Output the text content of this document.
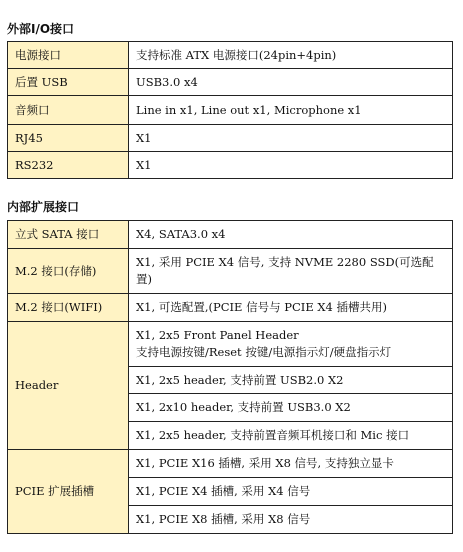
外部I/O接口
电源接口	支持标准 ATX 电源接口(24pin+4pin)
后置 USB	USB3.0 x4
音频口	Line in x1, Line out x1, Microphone x1
RJ45	X1
RS232	X1
内部扩展接口
立式 SATA 接口	X4, SATA3.0 x4
M.2 接口(存储)	X1, 采用 PCIE X4 信号, 支持 NVME 2280 SSD(可选配置)
M.2 接口(WIFI)	X1, 可选配置,(PCIE 信号与 PCIE X4 插槽共用)
Header	X1, 2x5 Front Panel Header
支持电源按键/Reset 按键/电源指示灯/硬盘指示灯

	X1, 2x5 header, 支持前置 USB2.0 X2
	X1, 2x10 header, 支持前置 USB3.0 X2
	X1, 2x5 header, 支持前置音频耳机接口和 Mic 接口
PCIE 扩展插槽	X1, PCIE X16 插槽, 采用 X8 信号, 支持独立显卡
	X1, PCIE X4 插槽, 采用 X4 信号
	X1, PCIE X8 插槽, 采用 X8 信号
